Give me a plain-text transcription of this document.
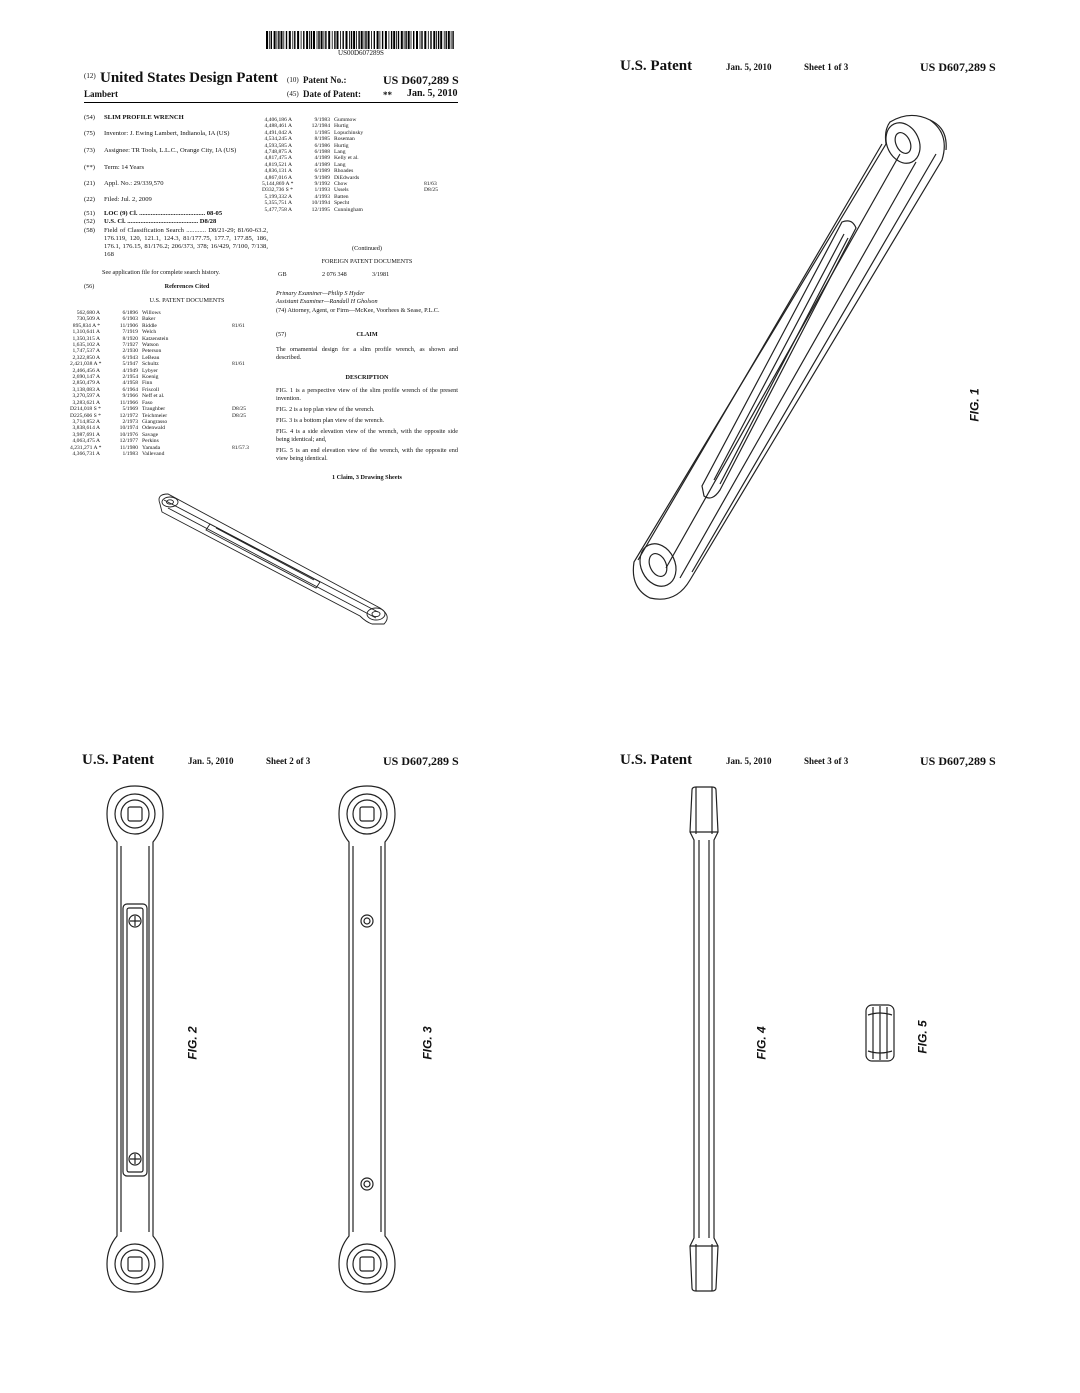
US00D607289S
(12) United States Design Patent (10) Patent No.:	US D607,289 S
Lambert	(45) Date of Patent: ** Jan. 5, 2010
(54) SLIM PROFILE WRENCH
(75) Inventor: J. Ewing Lambert, Indianola, IA (US)
(73) Assignee: TR Tools, L.L.C., Orange City, IA (US)
(**) Term: 14 Years
(21) Appl. No.: 29/339,570
(22) Filed: Jul. 2, 2009
(51) LOC (9) Cl. ........................................ 08-05
(52) U.S. Cl. ........................................... D8/28
(58) Field of Classification Search ............ D8/21-29; 81/60-63.2, 176.119, 120, 121.1, 124.3, 81/177.75, 177.7, 177.85, 186, 176.1, 176.15, 81/176.2; 206/373, 378; 16/429, 7/100, 7/138, 168
See application file for complete search history.
(56)	References Cited
U.S. PATENT DOCUMENTS
562,680 A	6/1896 Willows
730,509 A	6/1903 Baker
895,834 A *	11/1906 Riddle	81/61
1,310,641 A	7/1919 Welch
1,350,315 A	8/1920 Katzenstein
1,635,102 A	7/1927 Watson
1,747,537 A	2/1930 Peterson
2,322,850 A	6/1943 LeBeau
2,421,038 A *	5/1947 Schultz	81/61
2,466,456 A	4/1949 Lybyer
2,690,147 A	2/1954 Koenig
2,850,479 A	4/1958 Finn
3,138,083 A	6/1964 Friscoll
3,270,597 A	9/1966 Neff et al.
3,283,621 A	11/1966 Faso
D214,018 S *	5/1969 Traughber	D8/25
D225,606 S *	12/1972 Teichmeier	D8/25
3,714,852 A	2/1973 Giangrasso
3,838,614 A	10/1974 Odenwald
3,987,691 A	10/1976 Savage
4,063,475 A	12/1977 Perkins
4,231,271 A *	11/1980 Yamada	81/57.3
4,366,731 A	1/1983 Vallevand
4,406,186 A	9/1983 Gummow
4,488,461 A	12/1984 Hurtig
4,491,042 A	1/1985 Lopuchinsky
4,534,245 A	8/1985 Roseman
4,593,585 A	6/1986 Hurtig
4,748,875 A	6/1988 Lang
4,817,475 A	4/1989 Kelly et al.
4,819,521 A	4/1989 Lang
4,836,131 A	6/1989 Rhoades
4,867,016 A	9/1989 DiEdwards
5,144,869 A *	9/1992 Chow	81/63
D332,736 S *	1/1993 Ussels	D8/25
5,199,332 A	4/1993 Batten
5,355,751 A	10/1994 Specht
5,477,758 A	12/1995 Cunningham
(Continued)
FOREIGN PATENT DOCUMENTS
GB	2 076 348	3/1981
Primary Examiner—Philip S Hyder
Assistant Examiner—Randall H Gholson
(74) Attorney, Agent, or Firm—McKee, Voorhees & Sease, P.L.C.
(57)	CLAIM
The ornamental design for a slim profile wrench, as shown and described.
DESCRIPTION
FIG. 1 is a perspective view of the slim profile wrench of the present invention.
FIG. 2 is a top plan view of the wrench.
FIG. 3 is a bottom plan view of the wrench.
FIG. 4 is a side elevation view of the wrench, with the opposite side being identical; and,
FIG. 5 is an end elevation view of the wrench, with the opposite end view being identical.
1 Claim, 3 Drawing Sheets
U.S. Patent	Jan. 5, 2010	Sheet 1 of 3	US D607,289 S
FIG. 1
U.S. Patent	Jan. 5, 2010	Sheet 2 of 3	US D607,289 S
FIG. 2	FIG. 3
U.S. Patent	Jan. 5, 2010	Sheet 3 of 3	US D607,289 S
FIG. 4	FIG. 5
